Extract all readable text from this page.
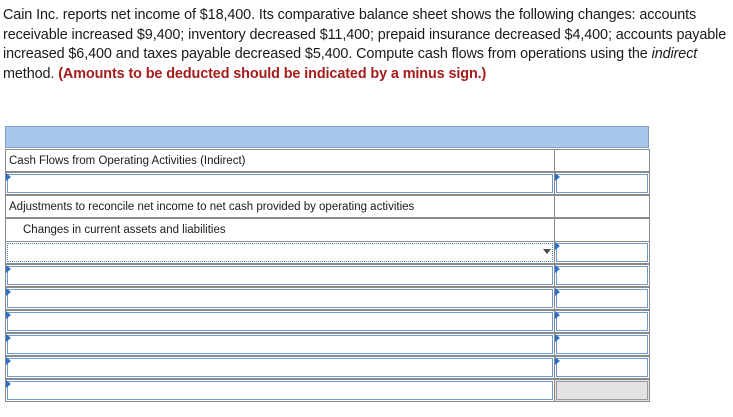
Cain Inc. reports net income of $18,400. Its comparative balance sheet shows the following changes: accounts receivable increased $9,400; inventory decreased $11,400; prepaid insurance decreased $4,400; accounts payable increased $6,400 and taxes payable decreased $5,400. Compute cash flows from operations using the indirect method. (Amounts to be deducted should be indicated by a minus sign.)
Cash Flows from Operating Activities (Indirect)
Adjustments to reconcile net income to net cash provided by operating activities
Changes in current assets and liabilities
